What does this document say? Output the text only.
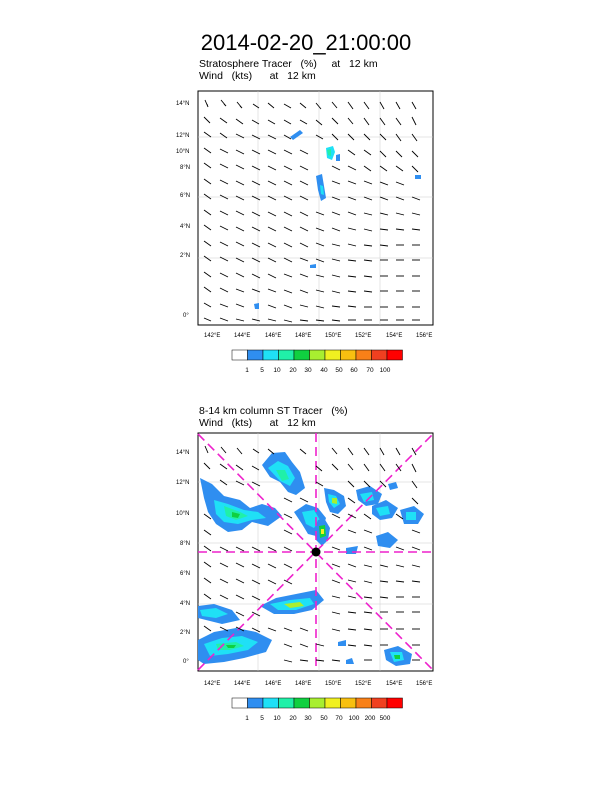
2014-02-20_21:00:00
Stratosphere Tracer   (%)     at   12 km
Wind   (kts)      at   12 km
8-14 km column ST Tracer   (%)
Wind   (kts)      at   12 km
14°N
12°N
10°N
8°N
6°N
4°N
2°N
0°
142°E 144°E 146°E 148°E 150°E 152°E 154°E 156°E
14°N
12°N
10°N
8°N
6°N
4°N
2°N
0°
142°E 144°E 146°E 148°E 150°E 152°E 154°E 156°E
1 5 10 20 30 40 50 60 70 100
1 5 10 20 30 50 70 100 200 500
